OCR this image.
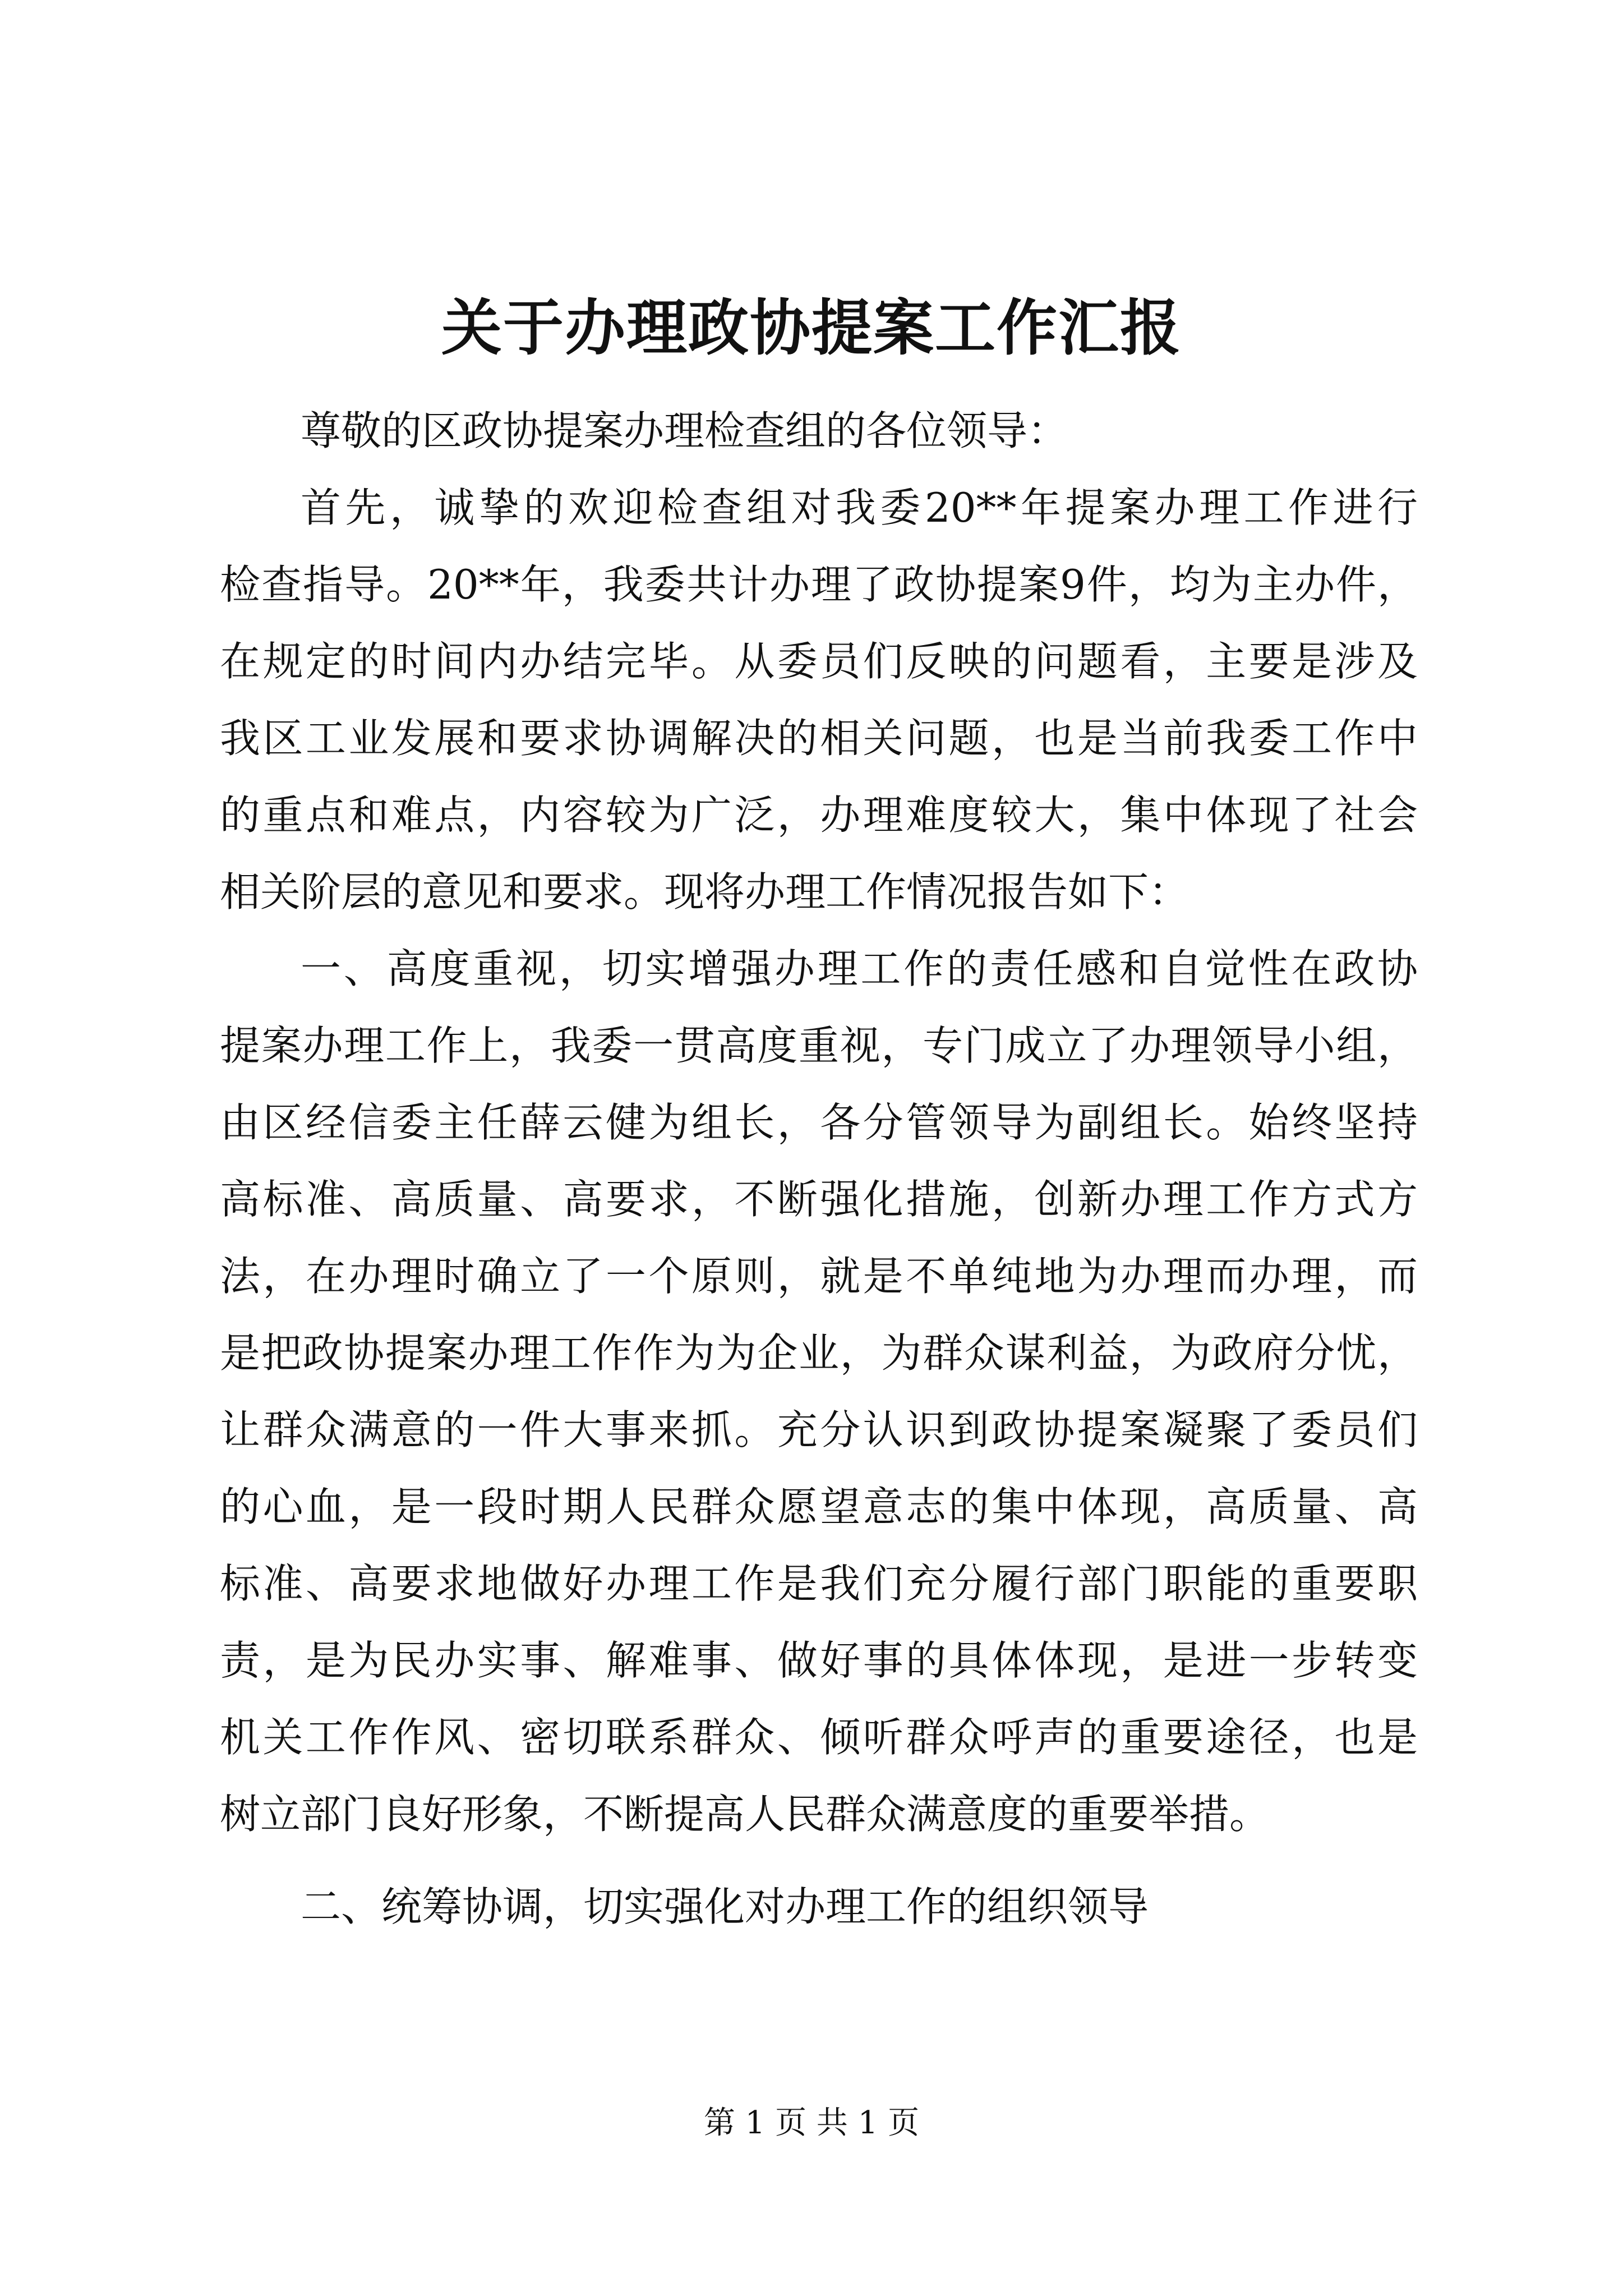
关于办理政协提案工作汇报

尊敬的区政协提案办理检查组的各位领导：

首先，诚挚的欢迎检查组对我委20**年提案办理工作进行

检查指导。20**年，我委共计办理了政协提案9件，均为主办件，

在规定的时间内办结完毕。从委员们反映的问题看，主要是涉及

我区工业发展和要求协调解决的相关问题，也是当前我委工作中

的重点和难点，内容较为广泛，办理难度较大，集中体现了社会

相关阶层的意见和要求。现将办理工作情况报告如下：

一、高度重视，切实增强办理工作的责任感和自觉性在政协

提案办理工作上，我委一贯高度重视，专门成立了办理领导小组，

由区经信委主任薛云健为组长，各分管领导为副组长。始终坚持

高标准、高质量、高要求，不断强化措施，创新办理工作方式方

法，在办理时确立了一个原则，就是不单纯地为办理而办理，而

是把政协提案办理工作作为为企业，为群众谋利益，为政府分忧，

让群众满意的一件大事来抓。充分认识到政协提案凝聚了委员们

的心血，是一段时期人民群众愿望意志的集中体现，高质量、高

标准、高要求地做好办理工作是我们充分履行部门职能的重要职

责，是为民办实事、解难事、做好事的具体体现，是进一步转变

机关工作作风、密切联系群众、倾听群众呼声的重要途径，也是

树立部门良好形象，不断提高人民群众满意度的重要举措。

二、统筹协调，切实强化对办理工作的组织领导

第 1 页 共 1 页
